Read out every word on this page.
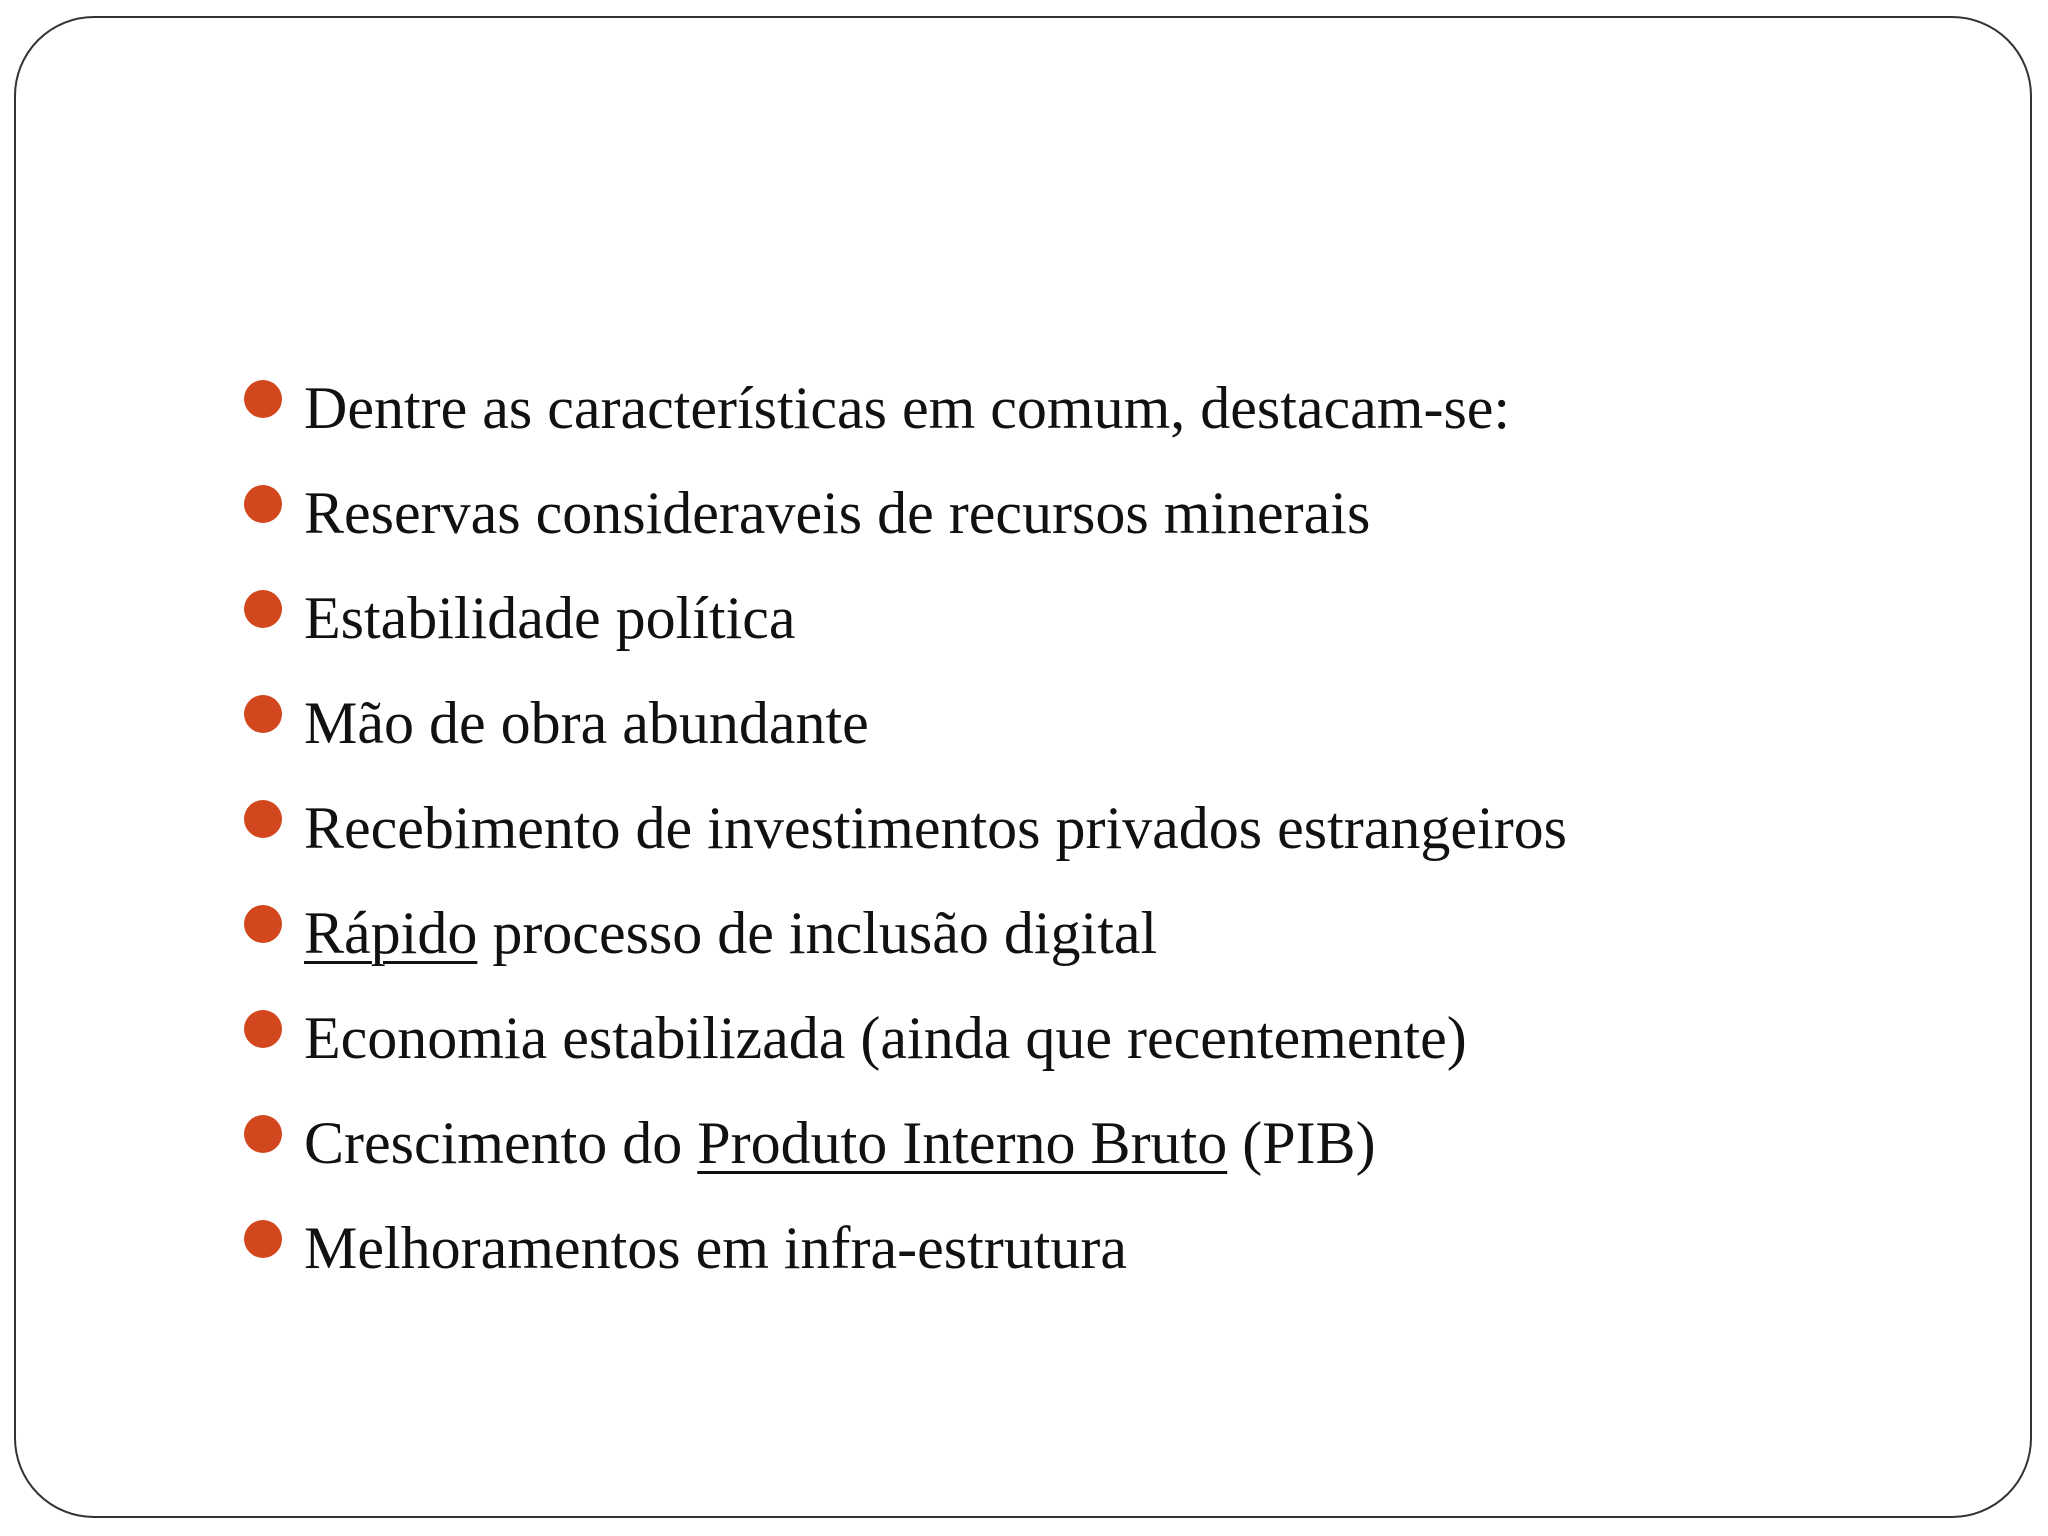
Dentre as características em comum, destacam-se:
Reservas consideraveis de recursos minerais
Estabilidade política
Mão de obra abundante
Recebimento de investimentos privados estrangeiros
Rápido processo de inclusão digital
Economia estabilizada (ainda que recentemente)
Crescimento do Produto Interno Bruto (PIB)
Melhoramentos em infra-estrutura
